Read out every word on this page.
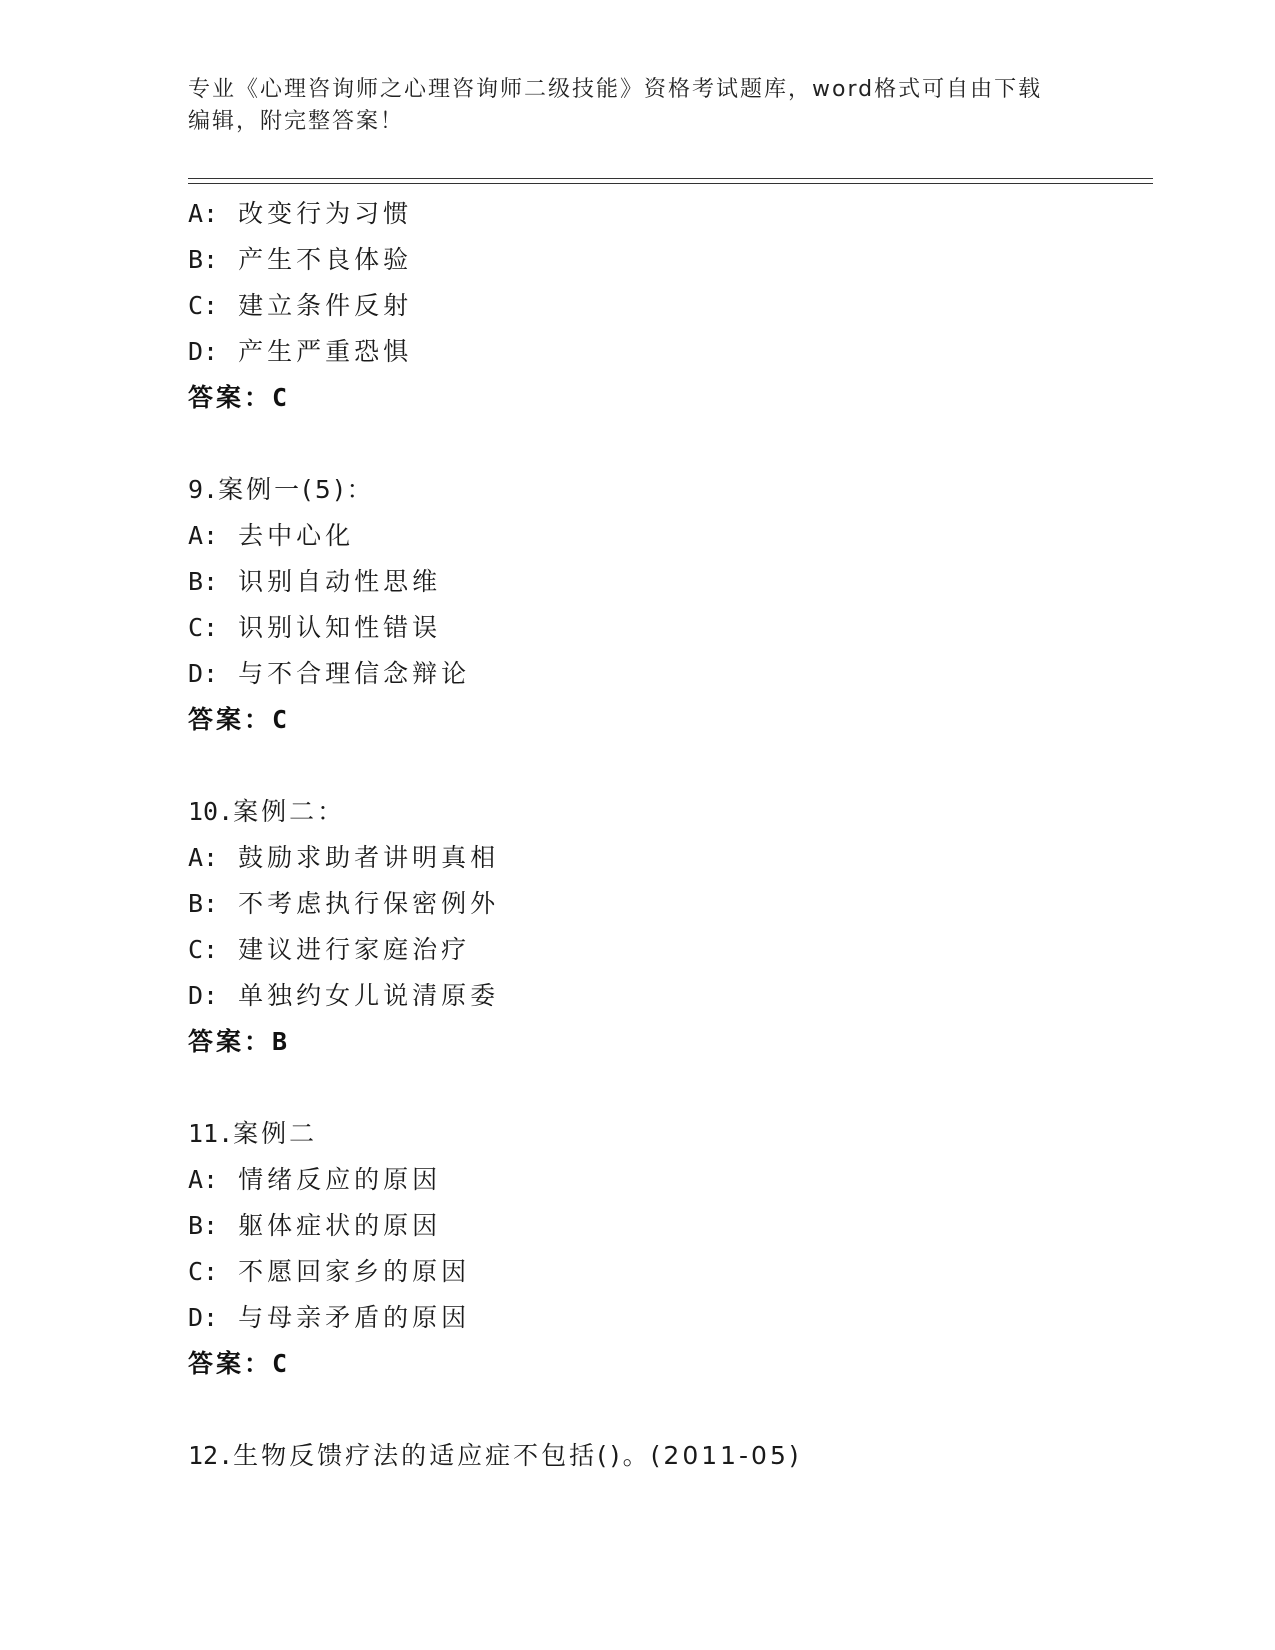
专业《心理咨询师之心理咨询师二级技能》资格考试题库，word格式可自由下载
编辑，附完整答案！
A: 改变行为习惯
B: 产生不良体验
C: 建立条件反射
D: 产生严重恐惧
答案：C
9.案例一(5)：
A: 去中心化
B: 识别自动性思维
C: 识别认知性错误
D: 与不合理信念辩论
答案：C
10.案例二：
A: 鼓励求助者讲明真相
B: 不考虑执行保密例外
C: 建议进行家庭治疗
D: 单独约女儿说清原委
答案：B
11.案例二
A: 情绪反应的原因
B: 躯体症状的原因
C: 不愿回家乡的原因
D: 与母亲矛盾的原因
答案：C
12.生物反馈疗法的适应症不包括()。(2011-05)
